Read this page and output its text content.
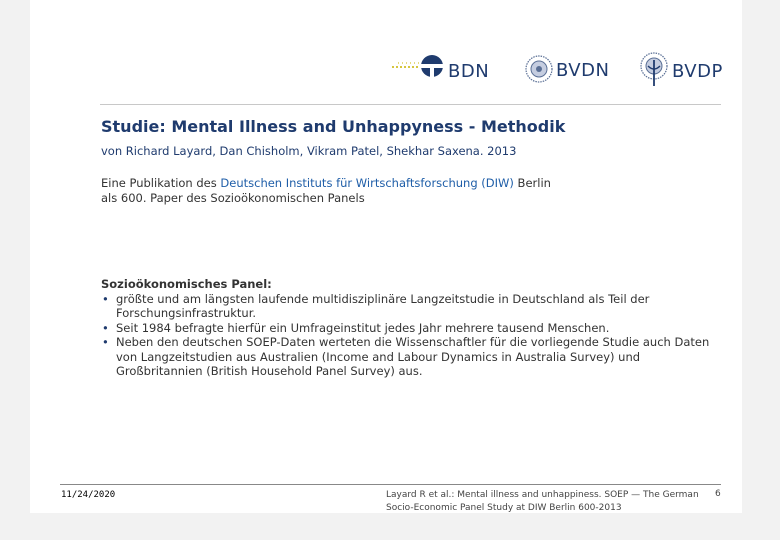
BDN	BVDN	BVDP
Studie: Mental Illness and Unhappyness - Methodik
von Richard Layard, Dan Chisholm, Vikram Patel, Shekhar Saxena. 2013
Eine Publikation des Deutschen Instituts für Wirtschaftsforschung (DIW) Berlin
als 600. Paper des Sozioökonomischen Panels

Sozioökonomisches Panel:

• größte und am längsten laufende multidisziplinäre Langzeitstudie in Deutschland als Teil der Forschungsinfrastruktur.
• Seit 1984 befragte hierfür ein Umfrageinstitut jedes Jahr mehrere tausend Menschen.
• Neben den deutschen SOEP-Daten werteten die Wissenschaftler für die vorliegende Studie auch Daten von Langzeitstudien aus Australien (Income and Labour Dynamics in Australia Survey) und Großbritannien (British Household Panel Survey) aus.
11/24/2020	Layard R et al.: Mental illness and unhappiness. SOEP — The German Socio-Economic Panel Study at DIW Berlin 600-2013
6
